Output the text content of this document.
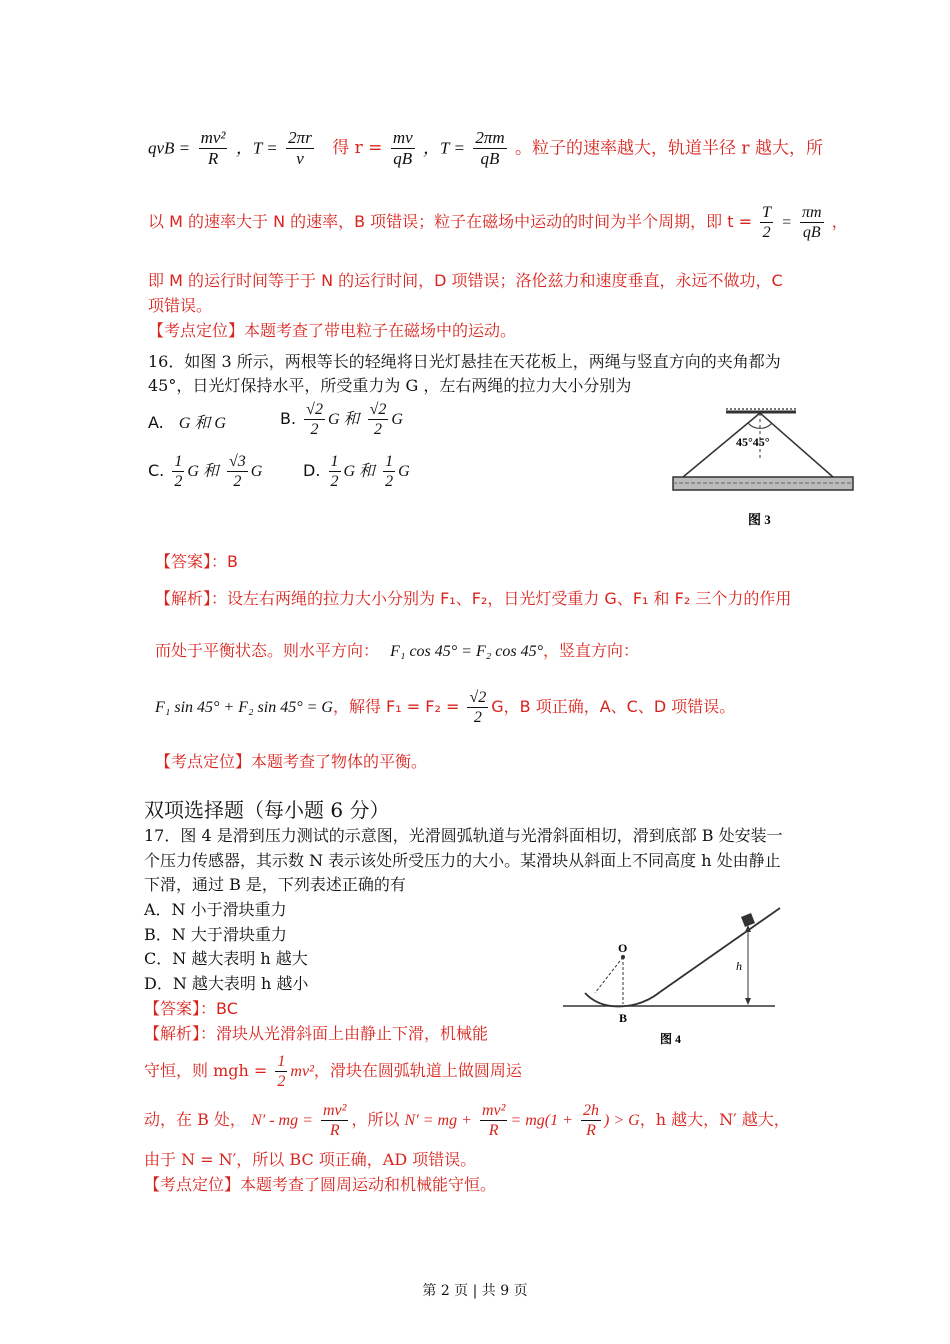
qvB = $\frac{\text{mv²}}{R}$ ，$T = \frac{2\pi r}{v}$ 得 $r = \frac{mv}{qB}$ ，$T = \frac{2\pi m}{qB}$ 。粒子的速率越大，轨道半径 r 越大，所
以 M 的速率大于 N 的速率，B 项错误；粒子在磁场中运动的时间为半个周期，即 $t = \frac{T}{2} = \frac{\pi m}{qB}$ ，
即 M 的运行时间等于于 N 的运行时间，D 项错误；洛伦兹力和速度垂直，永远不做功，C
项错误。
【考点定位】本题考查了带电粒子在磁场中的运动。
16．如图 3 所示，两根等长的轻绳将日光灯悬挂在天花板上，两绳与竖直方向的夹角都为
45°，日光灯保持水平，所受重力为 G ，左右两绳的拉力大小分别为
A. G 和 G	B. $\frac{√2}{2}$ G 和 $\frac{√2}{2}$ G
C. $\frac{1}{2}$ G 和 $\frac{√3}{2}$ G	D. $\frac{1}{2}$ G 和 $\frac{1}{2}$ G
45°45°
图 3
【答案】：B
【解析】：设左右两绳的拉力大小分别为 F₁、F₂，日光灯受重力 G、F₁ 和 F₂ 三个力的作用
而处于平衡状态。则水平方向： F₁ cos 45° = F₂ cos 45°，竖直方向：
F₁ sin 45° + F₂ sin 45° = G，解得 $F_1 = F_2 = \frac{√2}{2}$ G，B 项正确，A、C、D 项错误。
【考点定位】本题考查了物体的平衡。
双项选择题（每小题 6 分）
17．图 4 是滑到压力测试的示意图，光滑圆弧轨道与光滑斜面相切，滑到底部 B 处安装一
个压力传感器，其示数 N 表示该处所受压力的大小。某滑块从斜面上不同高度 h 处由静止
下滑，通过 B 是，下列表述正确的有
A．N 小于滑块重力
B．N 大于滑块重力
C．N 越大表明 h 越大
D．N 越大表明 h 越小
O
h
B
图 4
【答案】：BC
【解析】：滑块从光滑斜面上由静止下滑，机械能
守恒，则 mgh = $\frac{1}{2} mv^2$，滑块在圆弧轨道上做圆周运
动，在 B 处， N′ - mg = $\frac{\text{mv²}}{R}$ ，所以 N′ = mg + $\frac{\text{mv²}}{R} = mg(1 + \frac{2h}{R}$ ) > G，h 越大，N′ 越大，
由于 N = N′，所以 BC 项正确，AD 项错误。
【考点定位】本题考查了圆周运动和机械能守恒。
第 2 页 | 共 9 页
